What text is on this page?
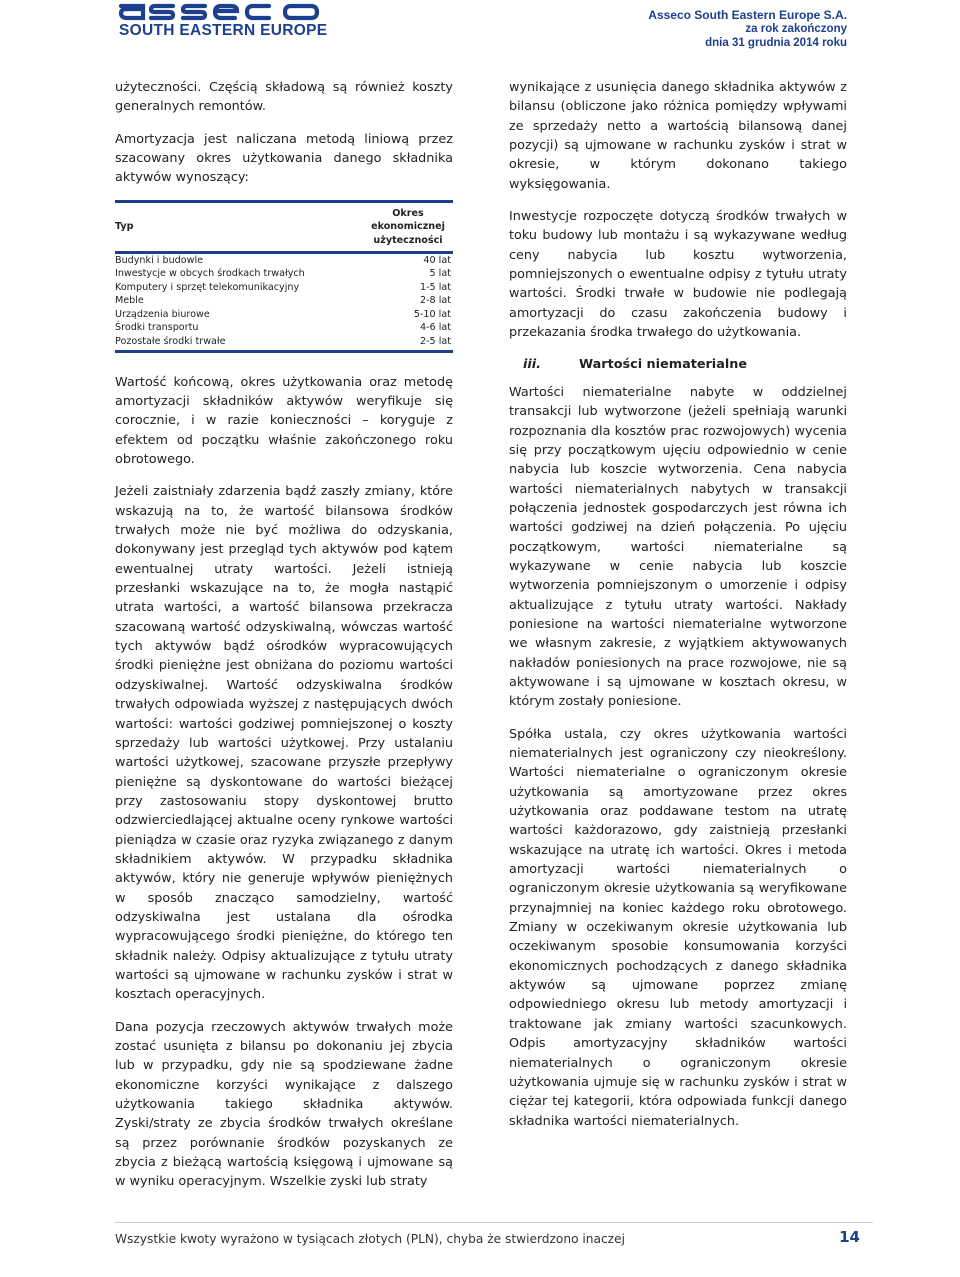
SOUTH EASTERN EUROPE
Asseco South Eastern Europe S.A.
za rok zakończony
dnia 31 grudnia 2014 roku

użyteczności. Częścią składową są również koszty generalnych remontów.

Amortyzacja jest naliczana metodą liniową przez szacowany okres użytkowania danego składnika aktywów wynoszący:

Typ	Okres
ekonomicznej
użyteczności

Budynki i budowle	40 lat
Inwestycje w obcych środkach trwałych	5 lat
Komputery i sprzęt telekomunikacyjny	1-5 lat
Meble	2-8 lat
Urządzenia biurowe	5-10 lat
Środki transportu	4-6 lat
Pozostałe środki trwałe	2-5 lat

Wartość końcową, okres użytkowania oraz metodę amortyzacji składników aktywów weryfikuje się corocznie, i w razie konieczności – koryguje z efektem od początku właśnie zakończonego roku obrotowego.

Jeżeli zaistniały zdarzenia bądź zaszły zmiany, które wskazują na to, że wartość bilansowa środków trwałych może nie być możliwa do odzyskania, dokonywany jest przegląd tych aktywów pod kątem ewentualnej utraty wartości. Jeżeli istnieją przesłanki wskazujące na to, że mogła nastąpić utrata wartości, a wartość bilansowa przekracza szacowaną wartość odzyskiwalną, wówczas wartość tych aktywów bądź ośrodków wypracowujących środki pieniężne jest obniżana do poziomu wartości odzyskiwalnej. Wartość odzyskiwalna środków trwałych odpowiada wyższej z następujących dwóch wartości: wartości godziwej pomniejszonej o koszty sprzedaży lub wartości użytkowej. Przy ustalaniu wartości użytkowej, szacowane przyszłe przepływy pieniężne są dyskontowane do wartości bieżącej przy zastosowaniu stopy dyskontowej brutto odzwierciedlającej aktualne oceny rynkowe wartości pieniądza w czasie oraz ryzyka związanego z danym składnikiem aktywów. W przypadku składnika aktywów, który nie generuje wpływów pieniężnych w sposób znacząco samodzielny, wartość odzyskiwalna jest ustalana dla ośrodka wypracowującego środki pieniężne, do którego ten składnik należy. Odpisy aktualizujące z tytułu utraty wartości są ujmowane w rachunku zysków i strat w kosztach operacyjnych.

Dana pozycja rzeczowych aktywów trwałych może zostać usunięta z bilansu po dokonaniu jej zbycia lub w przypadku, gdy nie są spodziewane żadne ekonomiczne korzyści wynikające z dalszego użytkowania takiego składnika aktywów. Zyski/straty ze zbycia środków trwałych określane są przez porównanie środków pozyskanych ze zbycia z bieżącą wartością księgową i ujmowane są w wyniku operacyjnym. Wszelkie zyski lub straty

wynikające z usunięcia danego składnika aktywów z bilansu (obliczone jako różnica pomiędzy wpływami ze sprzedaży netto a wartością bilansową danej pozycji) są ujmowane w rachunku zysków i strat w okresie, w którym dokonano takiego wyksięgowania.

Inwestycje rozpoczęte dotyczą środków trwałych w toku budowy lub montażu i są wykazywane według ceny nabycia lub kosztu wytworzenia, pomniejszonych o ewentualne odpisy z tytułu utraty wartości. Środki trwałe w budowie nie podlegają amortyzacji do czasu zakończenia budowy i przekazania środka trwałego do użytkowania.

iii.	Wartości niematerialne

Wartości niematerialne nabyte w oddzielnej transakcji lub wytworzone (jeżeli spełniają warunki rozpoznania dla kosztów prac rozwojowych) wycenia się przy początkowym ujęciu odpowiednio w cenie nabycia lub koszcie wytworzenia. Cena nabycia wartości niematerialnych nabytych w transakcji połączenia jednostek gospodarczych jest równa ich wartości godziwej na dzień połączenia. Po ujęciu początkowym, wartości niematerialne są wykazywane w cenie nabycia lub koszcie wytworzenia pomniejszonym o umorzenie i odpisy aktualizujące z tytułu utraty wartości. Nakłady poniesione na wartości niematerialne wytworzone we własnym zakresie, z wyjątkiem aktywowanych nakładów poniesionych na prace rozwojowe, nie są aktywowane i są ujmowane w kosztach okresu, w którym zostały poniesione.

Spółka ustala, czy okres użytkowania wartości niematerialnych jest ograniczony czy nieokreślony. Wartości niematerialne o ograniczonym okresie użytkowania są amortyzowane przez okres użytkowania oraz poddawane testom na utratę wartości każdorazowo, gdy zaistnieją przesłanki wskazujące na utratę ich wartości. Okres i metoda amortyzacji wartości niematerialnych o ograniczonym okresie użytkowania są weryfikowane przynajmniej na koniec każdego roku obrotowego. Zmiany w oczekiwanym okresie użytkowania lub oczekiwanym sposobie konsumowania korzyści ekonomicznych pochodzących z danego składnika aktywów są ujmowane poprzez zmianę odpowiedniego okresu lub metody amortyzacji i traktowane jak zmiany wartości szacunkowych. Odpis amortyzacyjny składników wartości niematerialnych o ograniczonym okresie użytkowania ujmuje się w rachunku zysków i strat w ciężar tej kategorii, która odpowiada funkcji danego składnika wartości niematerialnych.

Wszystkie kwoty wyrażono w tysiącach złotych (PLN), chyba że stwierdzono inaczej	14
